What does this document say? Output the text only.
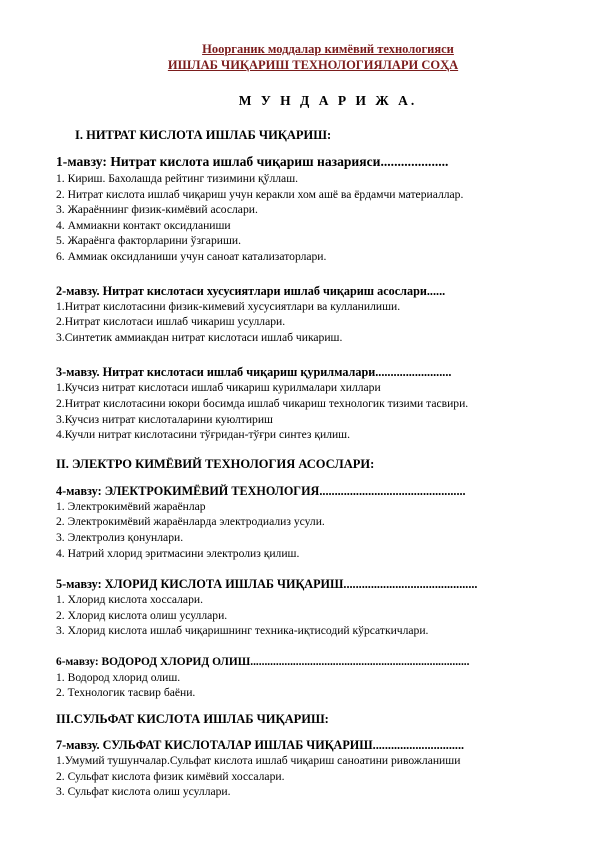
Ноорганик моддалар кимёвий технологияси
ИШЛАБ ЧИҚАРИШ ТЕХНОЛОГИЯЛАРИ СОҲА
М У Н Д А Р И Ж А.

I. НИТРАТ КИСЛОТА ИШЛАБ ЧИҚАРИШ:

1-мавзу: Нитрат кислота ишлаб чиқариш назарияси....................

1. Кириш. Бахолашда рейтинг тизимини қўллаш.

2. Нитрат кислота ишлаб чиқариш учун керакли хом ашё ва ёрдамчи материаллар.

3. Жараённинг физик-кимёвий асослари.

4. Аммиакни контакт оксидланиши

5. Жараёнга факторларини ўзгариши.

6. Аммиак оксидланиши учун саноат катализаторлари.

2-мавзу. Нитрат кислотаси хусусиятлари ишлаб чиқариш асослари......

1.Нитрат кислотасини физик-кимевий хусусиятлари ва кулланилиши.

2.Нитрат кислотаси ишлаб чикариш усуллари.

3.Синтетик аммиакдан нитрат кислотаси ишлаб чикариш.

3-мавзу. Нитрат кислотаси ишлаб чиқариш қурилмалари.........................

1.Кучсиз нитрат кислотаси ишлаб чикариш курилмалари хиллари

2.Нитрат кислотасини юкори босимда ишлаб чикариш технологик тизими тасвири.

3.Кучсиз нитрат кислоталарини куюлтириш

4.Кучли нитрат кислотасини тўғридан-тўғри синтез қилиш.

II. ЭЛЕКТРО КИМЁВИЙ ТЕХНОЛОГИЯ АСОСЛАРИ:

4-мавзу: ЭЛЕКТРОКИМЁВИЙ ТЕХНОЛОГИЯ................................................

1. Электрокимёвий жараёнлар

2. Электрокимёвий жараёнларда электродиализ усули.

3. Электролиз қонунлари.

4. Натрий хлорид эритмасини электролиз қилиш.

5-мавзу: ХЛОРИД КИСЛОТА ИШЛАБ ЧИҚАРИШ............................................

1. Хлорид кислота хоссалари.

2. Хлорид кислота олиш усуллари.

3. Хлорид кислота ишлаб чиқаришнинг техника-иқтисодий кўрсаткичлари.

6-мавзу: ВОДОРОД ХЛОРИД ОЛИШ.............................................................................

1. Водород хлорид олиш.

2. Технологик тасвир баёни.

III.СУЛЬФАТ КИСЛОТА ИШЛАБ ЧИҚАРИШ:

7-мавзу. СУЛЬФАТ КИСЛОТАЛАР ИШЛАБ ЧИҚАРИШ..............................

1.Умумий тушунчалар.Сульфат кислота ишлаб чиқариш саноатини ривожланиши

2. Сульфат кислота физик кимёвий хоссалари.

3. Сульфат кислота олиш усуллари.
